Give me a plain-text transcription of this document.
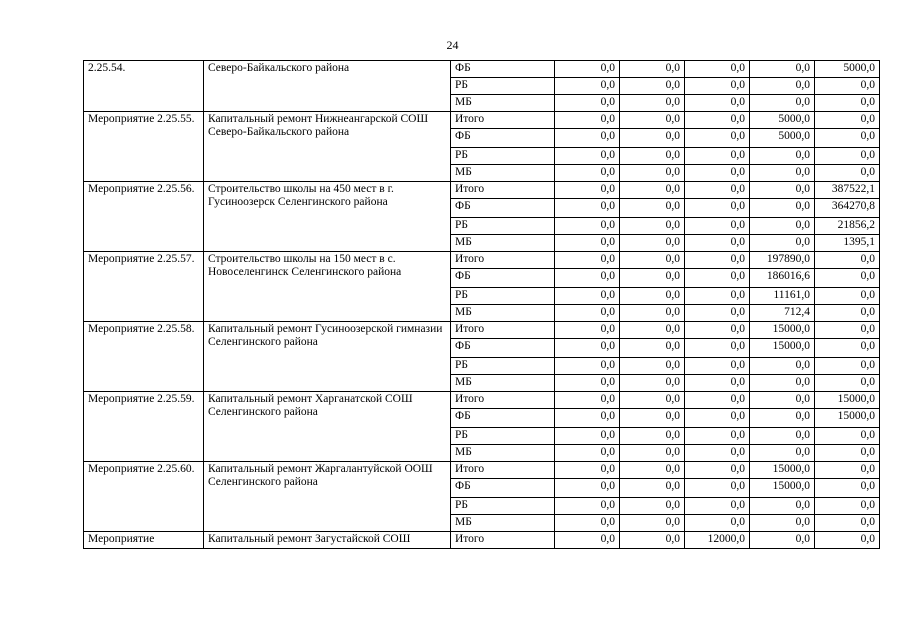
24
2.25.54.	Северо-Байкальского района	ФБ	0,0	0,0	0,0	0,0	5000,0
		РБ	0,0	0,0	0,0	0,0	0,0
		МБ	0,0	0,0	0,0	0,0	0,0
Мероприятие 2.25.55.	Капитальный ремонт Нижнеангарской СОШ Северо-Байкальского района	Итого	0,0	0,0	0,0	5000,0	0,0
		ФБ	0,0	0,0	0,0	5000,0	0,0
		РБ	0,0	0,0	0,0	0,0	0,0
		МБ	0,0	0,0	0,0	0,0	0,0
Мероприятие 2.25.56.	Строительство школы на 450 мест в г. Гусиноозерск Селенгинского района	Итого	0,0	0,0	0,0	0,0	387522,1
		ФБ	0,0	0,0	0,0	0,0	364270,8
		РБ	0,0	0,0	0,0	0,0	21856,2
		МБ	0,0	0,0	0,0	0,0	1395,1
Мероприятие 2.25.57.	Строительство школы на 150 мест в с. Новоселенгинск Селенгинского района	Итого	0,0	0,0	0,0	197890,0	0,0
		ФБ	0,0	0,0	0,0	186016,6	0,0
		РБ	0,0	0,0	0,0	11161,0	0,0
		МБ	0,0	0,0	0,0	712,4	0,0
Мероприятие 2.25.58.	Капитальный ремонт Гусиноозерской гимназии Селенгинского района	Итого	0,0	0,0	0,0	15000,0	0,0
		ФБ	0,0	0,0	0,0	15000,0	0,0
		РБ	0,0	0,0	0,0	0,0	0,0
		МБ	0,0	0,0	0,0	0,0	0,0
Мероприятие 2.25.59.	Капитальный ремонт Харганатской СОШ Селенгинского района	Итого	0,0	0,0	0,0	0,0	15000,0
		ФБ	0,0	0,0	0,0	0,0	15000,0
		РБ	0,0	0,0	0,0	0,0	0,0
		МБ	0,0	0,0	0,0	0,0	0,0
Мероприятие 2.25.60.	Капитальный ремонт Жаргалантуйской ООШ Селенгинского района	Итого	0,0	0,0	0,0	15000,0	0,0
		ФБ	0,0	0,0	0,0	15000,0	0,0
		РБ	0,0	0,0	0,0	0,0	0,0
		МБ	0,0	0,0	0,0	0,0	0,0
Мероприятие	Капитальный ремонт Загустайской СОШ	Итого	0,0	0,0	12000,0	0,0	0,0
